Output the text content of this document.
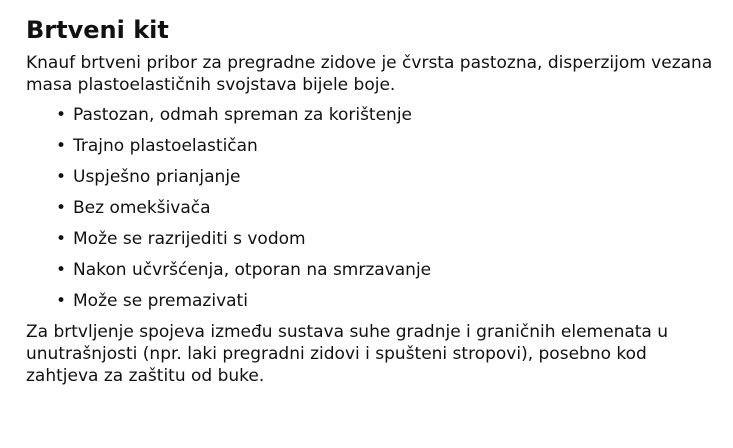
Brtveni kit

Knauf brtveni pribor za pregradne zidove je čvrsta pastozna, disperzijom vezana masa plastoelastičnih svojstava bijele boje.

• Pastozan, odmah spreman za korištenje
• Trajno plastoelastičan
• Uspješno prianjanje
• Bez omekšivača
• Može se razrijediti s vodom
• Nakon učvršćenja, otporan na smrzavanje
• Može se premazivati

Za brtvljenje spojeva između sustava suhe gradnje i graničnih elemenata u unutrašnjosti (npr. laki pregradni zidovi i spušteni stropovi), posebno kod zahtjeva za zaštitu od buke.
